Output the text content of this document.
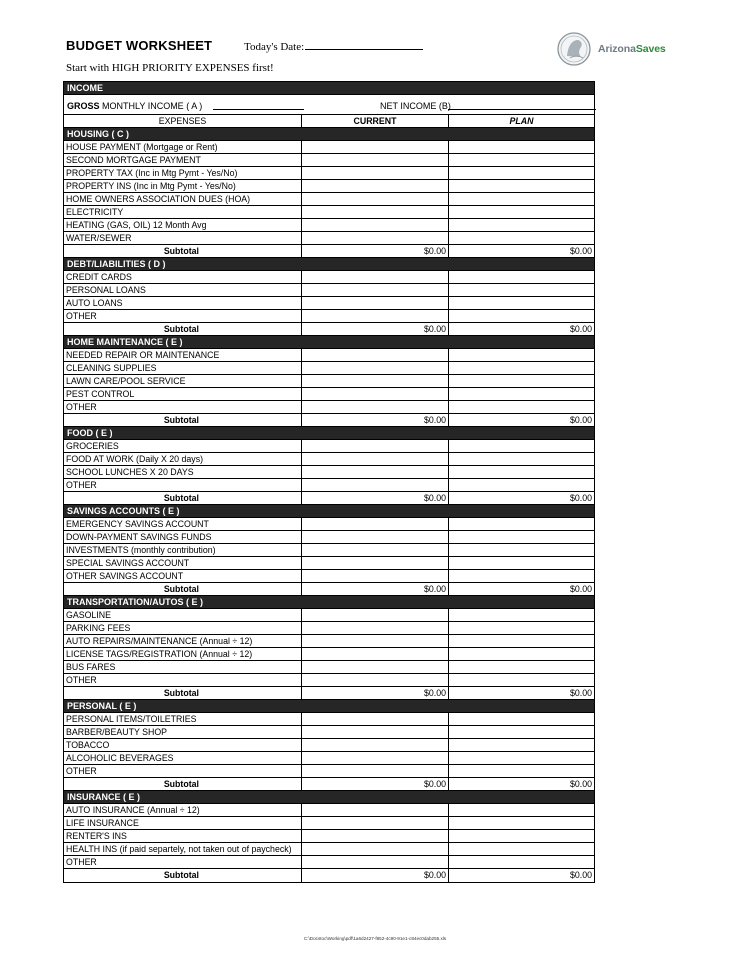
BUDGET WORKSHEET	Today's Date:
Start with HIGH PRIORITY EXPENSES first!
ArizonaSaves
INCOME
GROSS MONTHLY INCOME ( A )	NET INCOME (B)
EXPENSES	CURRENT	PLAN
HOUSING ( C )
HOUSE PAYMENT (Mortgage or Rent)
SECOND MORTGAGE PAYMENT
PROPERTY TAX (Inc in Mtg Pymt - Yes/No)
PROPERTY INS (Inc in Mtg Pymt - Yes/No)
HOME OWNERS ASSOCIATION DUES (HOA)
ELECTRICITY
HEATING (GAS, OIL) 12 Month Avg
WATER/SEWER
Subtotal	$0.00	$0.00
DEBT/LIABILITIES ( D )
CREDIT CARDS
PERSONAL LOANS
AUTO LOANS
OTHER
Subtotal	$0.00	$0.00
HOME MAINTENANCE ( E )
NEEDED REPAIR OR MAINTENANCE
CLEANING SUPPLIES
LAWN CARE/POOL SERVICE
PEST CONTROL
OTHER
Subtotal	$0.00	$0.00
FOOD ( E )
GROCERIES
FOOD AT WORK (Daily X 20 days)
SCHOOL LUNCHES X 20 DAYS
OTHER
Subtotal	$0.00	$0.00
SAVINGS ACCOUNTS ( E )
EMERGENCY SAVINGS ACCOUNT
DOWN-PAYMENT SAVINGS FUNDS
INVESTMENTS (monthly contribution)
SPECIAL SAVINGS ACCOUNT
OTHER SAVINGS ACCOUNT
Subtotal	$0.00	$0.00
TRANSPORTATION/AUTOS ( E )
GASOLINE
PARKING FEES
AUTO REPAIRS/MAINTENANCE (Annual ÷ 12)
LICENSE TAGS/REGISTRATION (Annual ÷ 12)
BUS FARES
OTHER
Subtotal	$0.00	$0.00
PERSONAL ( E )
PERSONAL ITEMS/TOILETRIES
BARBER/BEAUTY SHOP
TOBACCO
ALCOHOLIC BEVERAGES
OTHER
Subtotal	$0.00	$0.00
INSURANCE ( E )
AUTO INSURANCE (Annual ÷ 12)
LIFE INSURANCE
RENTER'S INS
HEALTH INS (if paid separtely, not taken out of paycheck)
OTHER
Subtotal	$0.00	$0.00
C:\Docstoc\Working\pdf\1a6d2427-f852-4c90-91e1-c84ec0dab255.xls
